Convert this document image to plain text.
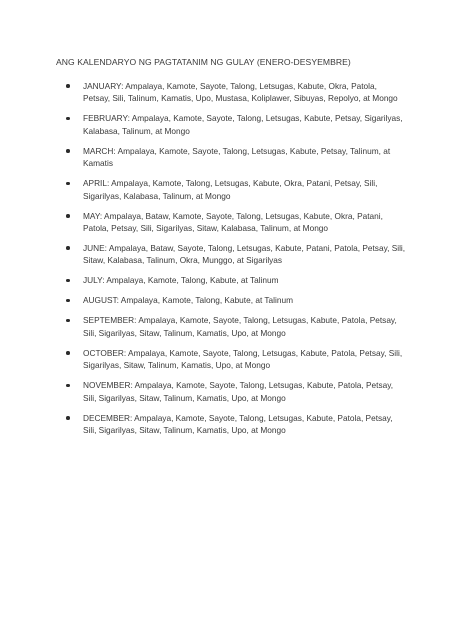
ANG KALENDARYO NG PAGTATANIM NG GULAY (ENERO-DESYEMBRE)
JANUARY: Ampalaya, Kamote, Sayote, Talong, Letsugas, Kabute, Okra, Patola, Petsay, Sili, Talinum, Kamatis, Upo, Mustasa, Koliplawer, Sibuyas, Repolyo, at Mongo
FEBRUARY: Ampalaya, Kamote, Sayote, Talong, Letsugas, Kabute, Petsay, Sigarilyas, Kalabasa, Talinum, at Mongo
MARCH: Ampalaya, Kamote, Sayote, Talong, Letsugas, Kabute, Petsay, Talinum, at Kamatis
APRIL: Ampalaya, Kamote, Talong, Letsugas, Kabute, Okra, Patani, Petsay, Sili, Sigarilyas, Kalabasa, Talinum, at Mongo
MAY: Ampalaya, Bataw, Kamote, Sayote, Talong, Letsugas, Kabute, Okra, Patani, Patola, Petsay, Sili, Sigarilyas, Sitaw, Kalabasa, Talinum, at Mongo
JUNE: Ampalaya, Bataw, Sayote, Talong, Letsugas, Kabute, Patani, Patola, Petsay, Sili, Sitaw, Kalabasa, Talinum, Okra, Munggo, at Sigarilyas
JULY: Ampalaya, Kamote, Talong, Kabute, at Talinum
AUGUST: Ampalaya, Kamote, Talong, Kabute, at Talinum
SEPTEMBER: Ampalaya, Kamote, Sayote, Talong, Letsugas, Kabute, Patola, Petsay, Sili, Sigarilyas, Sitaw, Talinum, Kamatis, Upo, at Mongo
OCTOBER: Ampalaya, Kamote, Sayote, Talong, Letsugas, Kabute, Patola, Petsay, Sili, Sigarilyas, Sitaw, Talinum, Kamatis, Upo, at Mongo
NOVEMBER: Ampalaya, Kamote, Sayote, Talong, Letsugas, Kabute, Patola, Petsay, Sili, Sigarilyas, Sitaw, Talinum, Kamatis, Upo, at Mongo
DECEMBER: Ampalaya, Kamote, Sayote, Talong, Letsugas, Kabute, Patola, Petsay, Sili, Sigarilyas, Sitaw, Talinum, Kamatis, Upo, at Mongo
